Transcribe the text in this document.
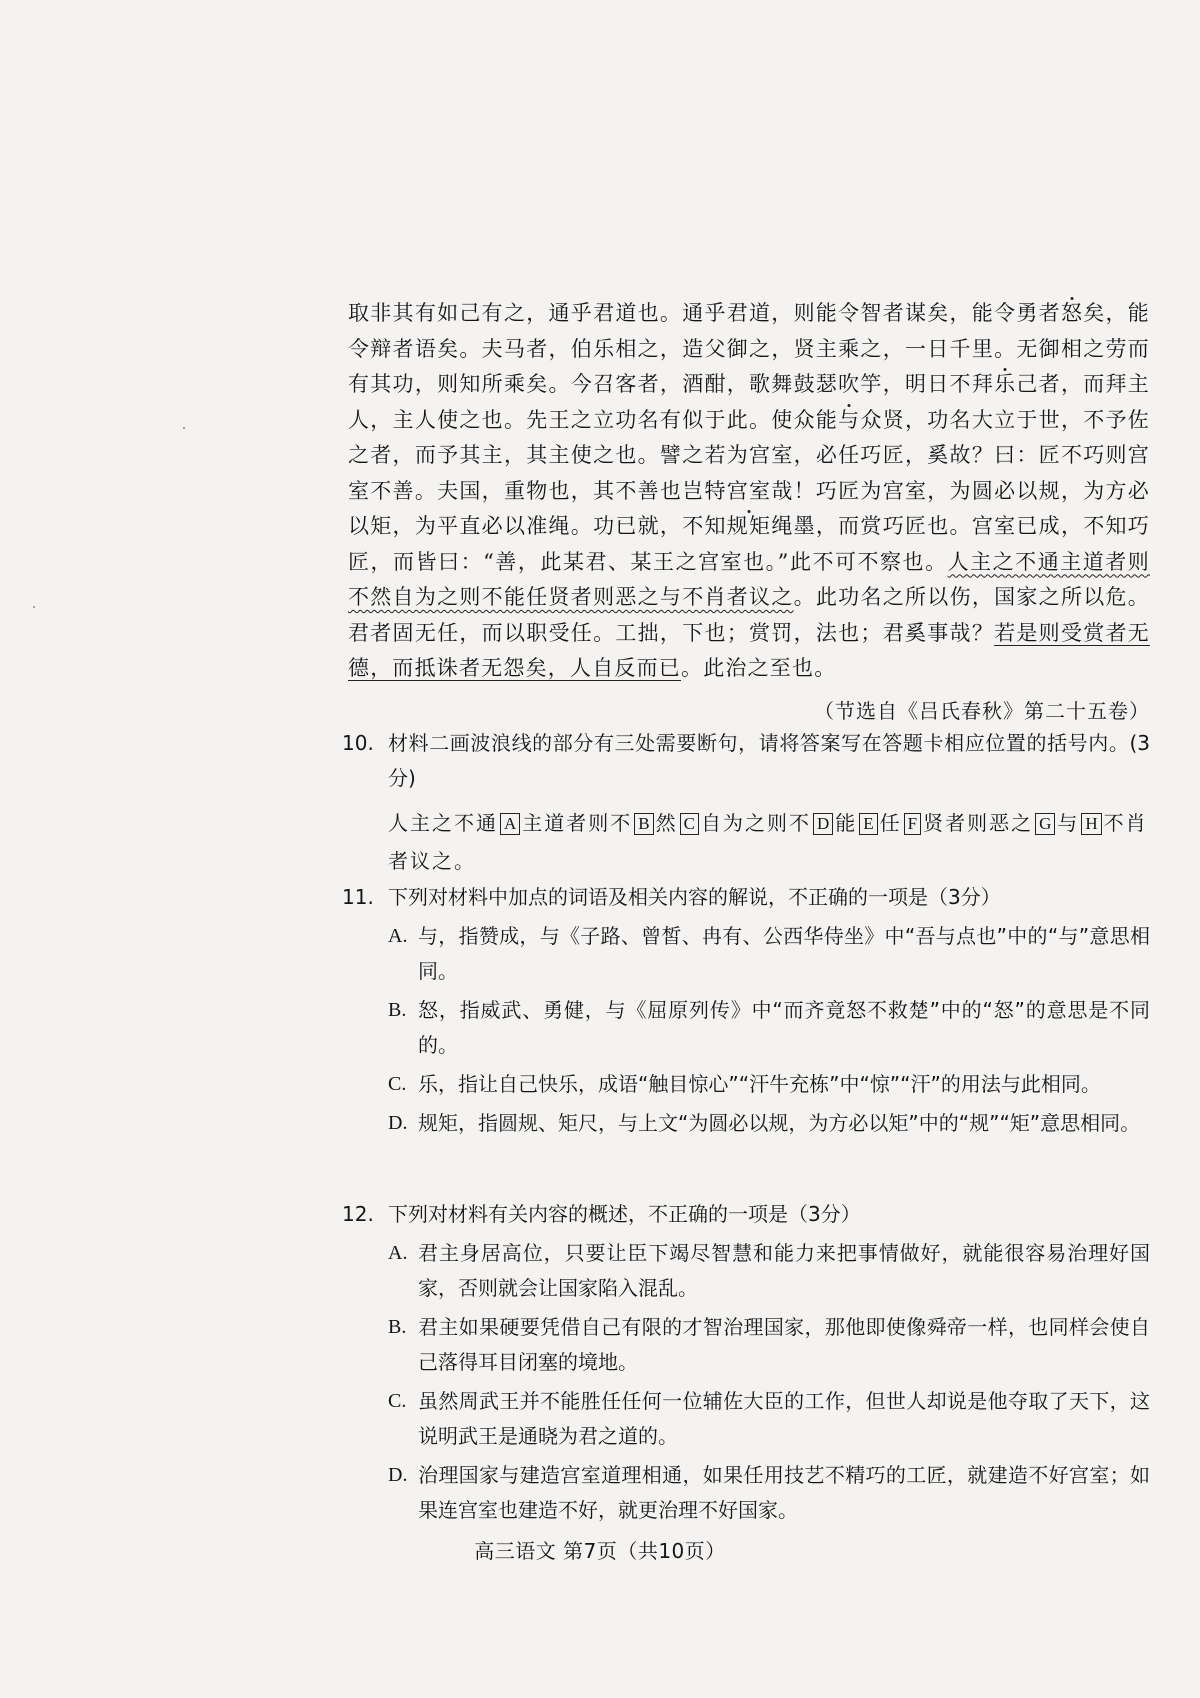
取非其有如己有之，通乎君道也。通乎君道，则能令智者谋矣，能令勇者怒矣，能令辩者语矣。夫马者，伯乐相之，造父御之，贤主乘之，一日千里。无御相之劳而有其功，则知所乘矣。今召客者，酒酣，歌舞鼓瑟吹竽，明日不拜乐己者，而拜主人，主人使之也。先王之立功名有似于此。使众能与众贤，功名大立于世，不予佐之者，而予其主，其主使之也。譬之若为宫室，必任巧匠，奚故？曰：匠不巧则宫室不善。夫国，重物也，其不善也岂特宫室哉！巧匠为宫室，为圆必以规，为方必以矩，为平直必以准绳。功已就，不知规矩绳墨，而赏巧匠也。宫室已成，不知巧匠，而皆曰：“善，此某君、某王之宫室也。”此不可不察也。人主之不通主道者则不然自为之则不能任贤者则恶之与不肖者议之。此功名之所以伤，国家之所以危。君者固无任，而以职受任。工拙，下也；赏罚，法也；君奚事哉？若是则受赏者无德，而抵诛者无怨矣，人自反而已。此治之至也。

（节选自《吕氏春秋》第二十五卷）
10. 材料二画波浪线的部分有三处需要断句，请将答案写在答题卡相应位置的括号内。(3分)
人主之不通 A 主道者则不 B 然 C 自为之则不 D 能 E 任 F 贤者则恶之 G 与 H 不肖者议之。
11. 下列对材料中加点的词语及相关内容的解说，不正确的一项是（3分）
A. 与，指赞成，与《子路、曾皙、冉有、公西华侍坐》中“吾与点也”中的“与”意思相同。
B. 怒，指威武、勇健，与《屈原列传》中“而齐竟怒不救楚”中的“怒”的意思是不同的。
C. 乐，指让自己快乐，成语“触目惊心”“汗牛充栋”中“惊”“汗”的用法与此相同。
D. 规矩，指圆规、矩尺，与上文“为圆必以规，为方必以矩”中的“规”“矩”意思相同。
12. 下列对材料有关内容的概述，不正确的一项是（3分）
A. 君主身居高位，只要让臣下竭尽智慧和能力来把事情做好，就能很容易治理好国家，否则就会让国家陷入混乱。
B. 君主如果硬要凭借自己有限的才智治理国家，那他即使像舜帝一样，也同样会使自己落得耳目闭塞的境地。
C. 虽然周武王并不能胜任任何一位辅佐大臣的工作，但世人却说是他夺取了天下，这说明武王是通晓为君之道的。
D. 治理国家与建造宫室道理相通，如果任用技艺不精巧的工匠，就建造不好宫室；如果连宫室也建造不好，就更治理不好国家。
高三语文 第7页（共10页）
